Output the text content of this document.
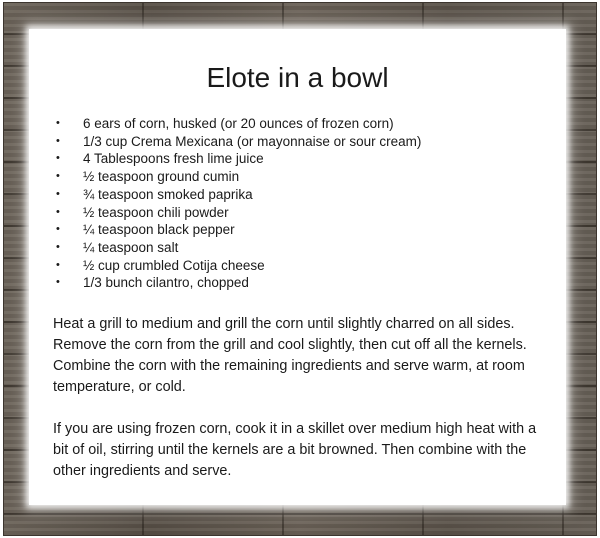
Elote in a bowl
• 6 ears of corn, husked (or 20 ounces of frozen corn)
• 1/3 cup Crema Mexicana (or mayonnaise or sour cream)
• 4 Tablespoons fresh lime juice
• ½ teaspoon ground cumin
• ¾ teaspoon smoked paprika
• ½ teaspoon chili powder
• ¼ teaspoon black pepper
• ¼ teaspoon salt
• ½ cup crumbled Cotija cheese
• 1/3 bunch cilantro, chopped

Heat a grill to medium and grill the corn until slightly charred on all sides. Remove the corn from the grill and cool slightly, then cut off all the kernels. Combine the corn with the remaining ingredients and serve warm, at room temperature, or cold.

If you are using frozen corn, cook it in a skillet over medium high heat with a bit of oil, stirring until the kernels are a bit browned. Then combine with the other ingredients and serve.
